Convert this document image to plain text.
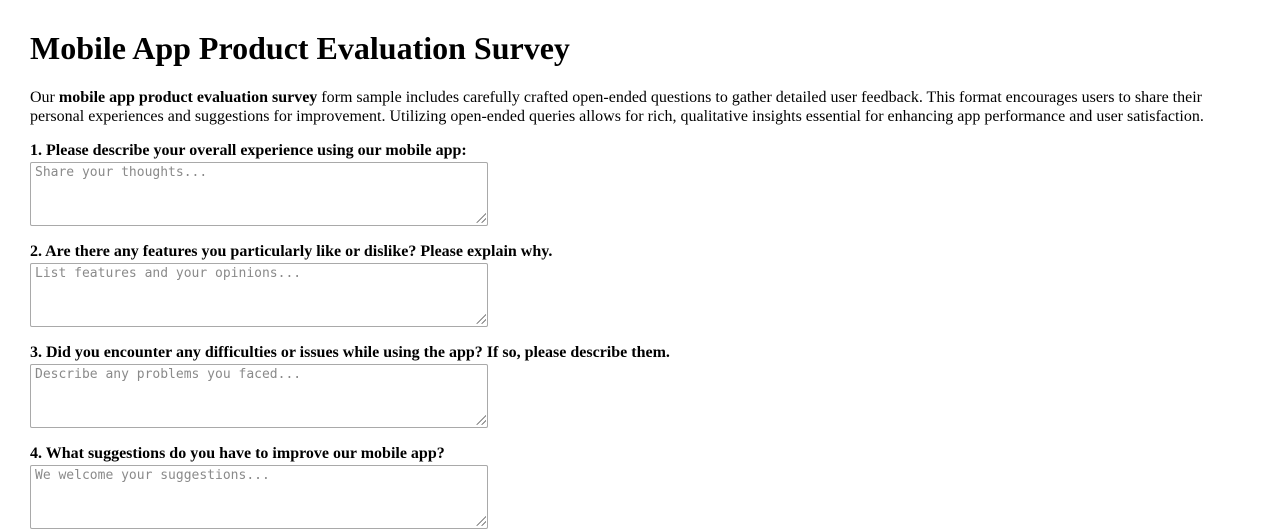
Mobile App Product Evaluation Survey

Our mobile app product evaluation survey form sample includes carefully crafted open-ended questions to gather detailed user feedback. This format encourages users to share their personal experiences and suggestions for improvement. Utilizing open-ended queries allows for rich, qualitative insights essential for enhancing app performance and user satisfaction.

1. Please describe your overall experience using our mobile app:
Share your thoughts...
2. Are there any features you particularly like or dislike? Please explain why.
List features and your opinions...
3. Did you encounter any difficulties or issues while using the app? If so, please describe them.
Describe any problems you faced...
4. What suggestions do you have to improve our mobile app?
We welcome your suggestions...
